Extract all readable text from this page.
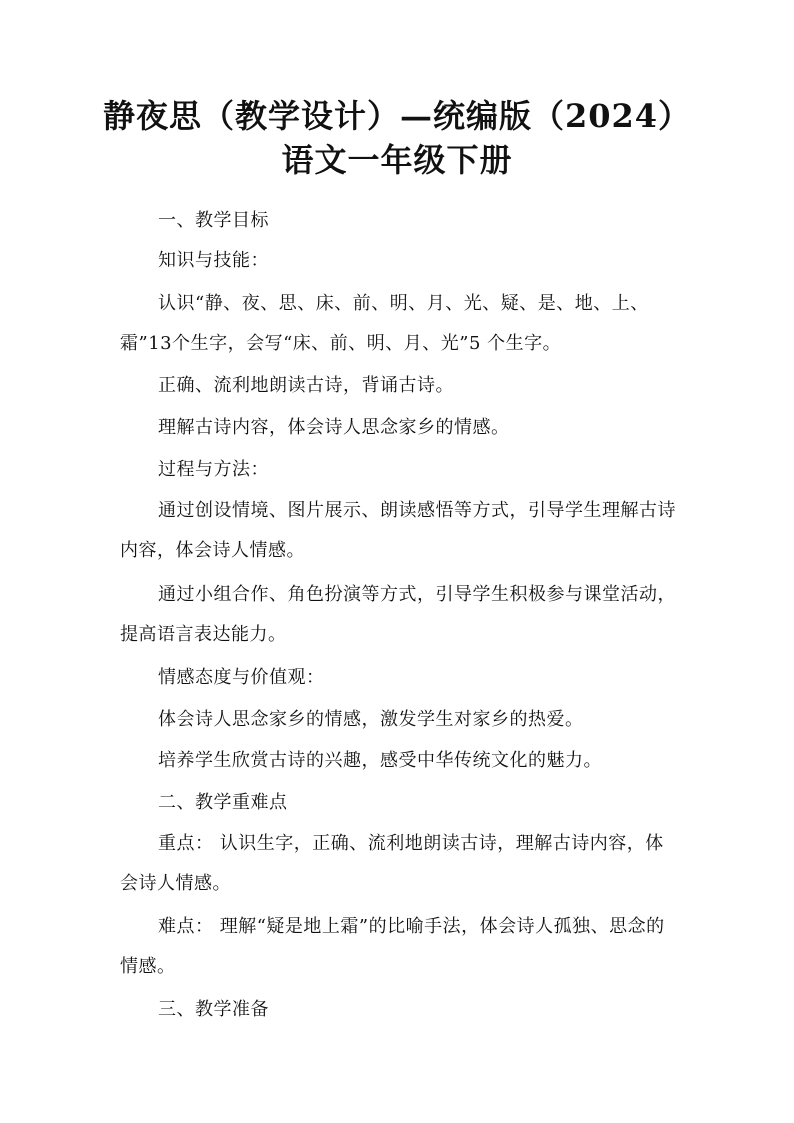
静夜思（教学设计）—统编版（2024）
语文一年级下册

一、教学目标

知识与技能：

认识“静、夜、思、床、前、明、月、光、疑、是、地、上、霜”13个生字，会写“床、前、明、月、光”5 个生字。

正确、流利地朗读古诗，背诵古诗。

理解古诗内容，体会诗人思念家乡的情感。

过程与方法：

通过创设情境、图片展示、朗读感悟等方式，引导学生理解古诗内容，体会诗人情感。

通过小组合作、角色扮演等方式，引导学生积极参与课堂活动，提高语言表达能力。

情感态度与价值观：

体会诗人思念家乡的情感，激发学生对家乡的热爱。

培养学生欣赏古诗的兴趣，感受中华传统文化的魅力。

二、教学重难点

重点： 认识生字，正确、流利地朗读古诗，理解古诗内容，体会诗人情感。

难点： 理解“疑是地上霜”的比喻手法，体会诗人孤独、思念的情感。

三、教学准备
